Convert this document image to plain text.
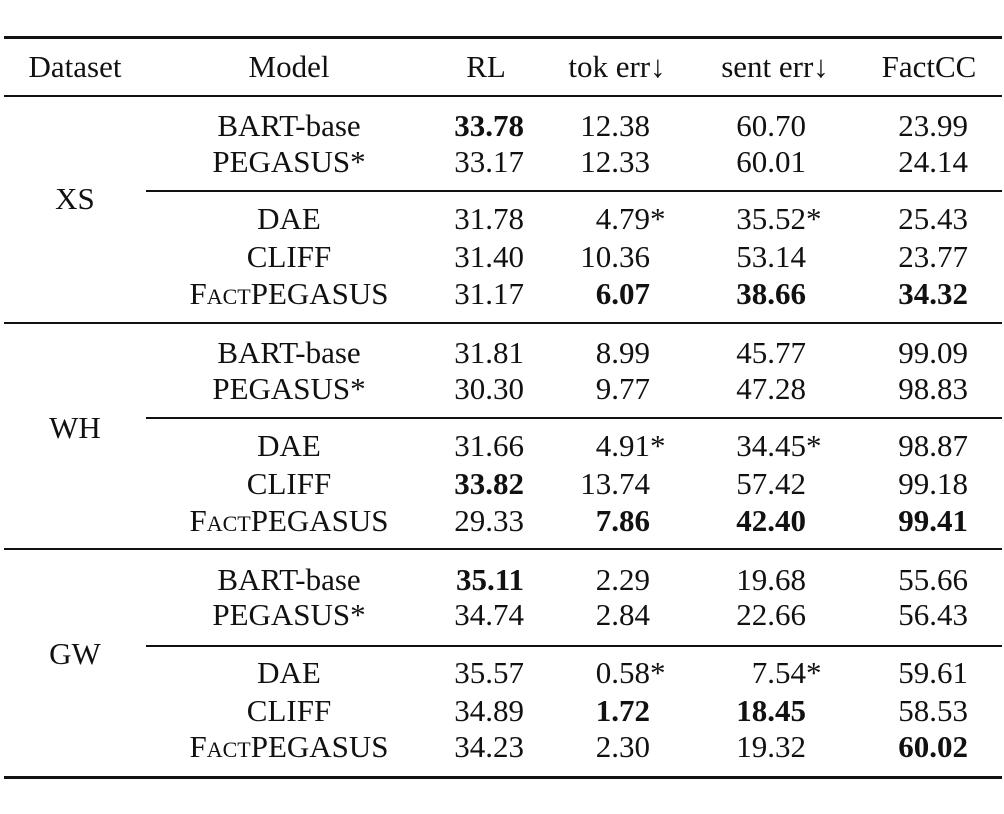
Dataset	Model	RL	tok err↓	sent err↓	FactCC
XS
BART-base	33.78	12.38	60.70	23.99
PEGASUS*	33.17	12.33	60.01	24.14
DAE	31.78	4.79*	35.52*	25.43
CLIFF	31.40	10.36	53.14	23.77
FactPEGASUS	31.17	6.07	38.66	34.32
WH
BART-base	31.81	8.99	45.77	99.09
PEGASUS*	30.30	9.77	47.28	98.83
DAE	31.66	4.91*	34.45*	98.87
CLIFF	33.82	13.74	57.42	99.18
FactPEGASUS	29.33	7.86	42.40	99.41
GW
BART-base	35.11	2.29	19.68	55.66
PEGASUS*	34.74	2.84	22.66	56.43
DAE	35.57	0.58*	7.54*	59.61
CLIFF	34.89	1.72	18.45	58.53
FactPEGASUS	34.23	2.30	19.32	60.02
